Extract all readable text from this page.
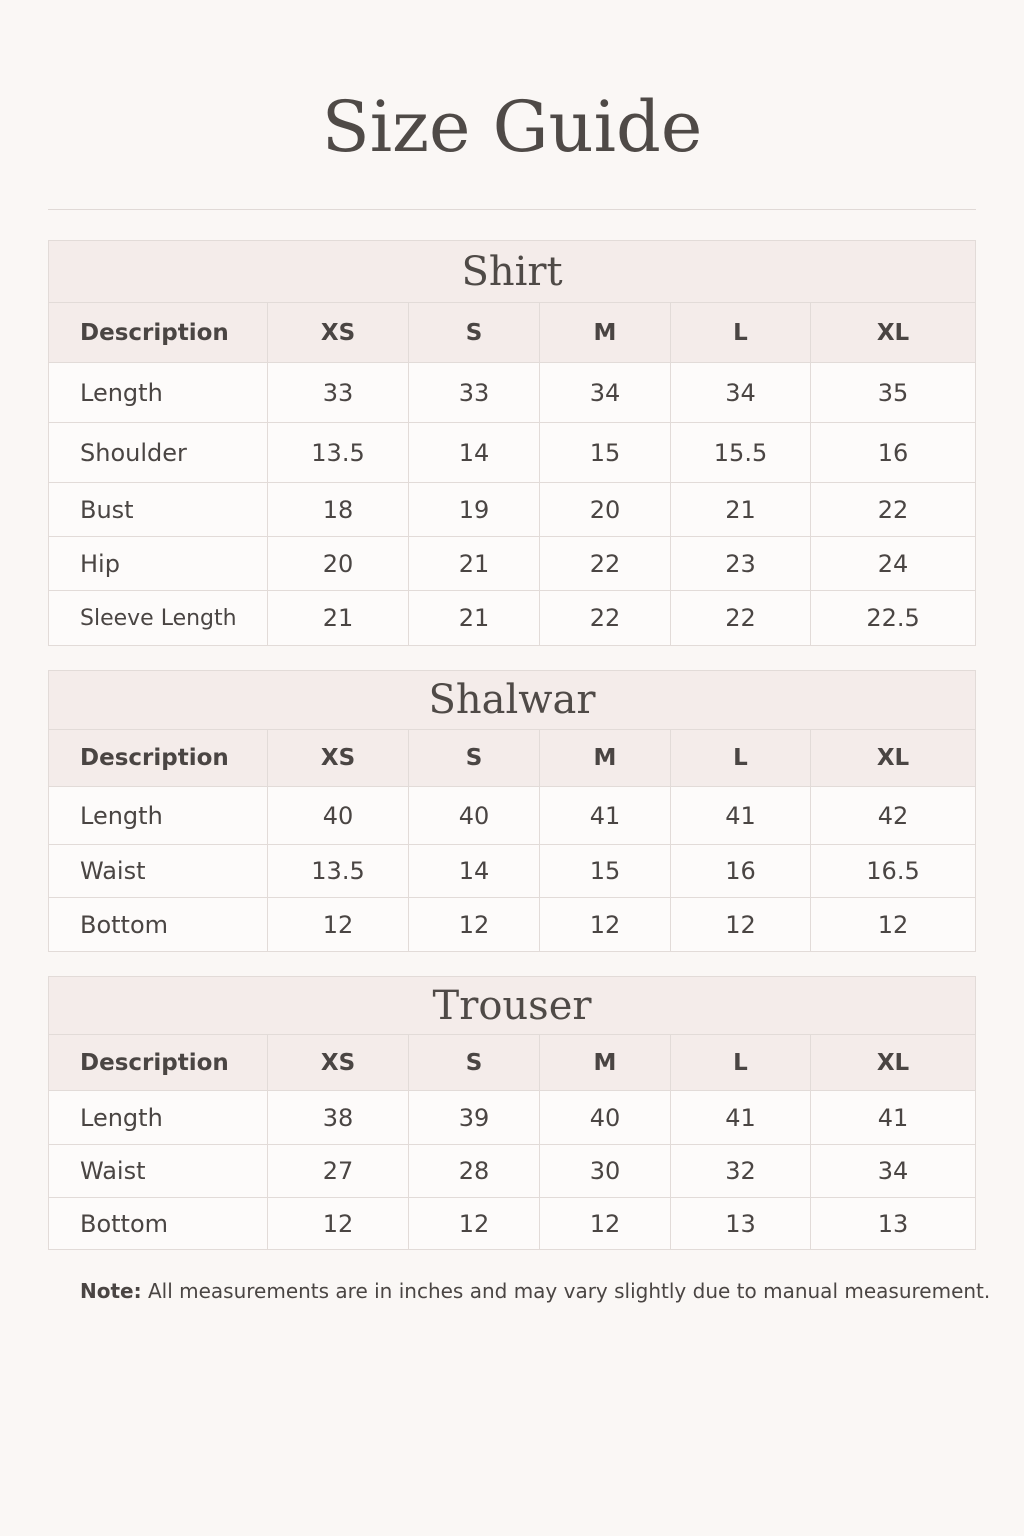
Size Guide
Shirt					
Description	XS	S	M	L	XL
Length	33	33	34	34	35
Shoulder	13.5	14	15	15.5	16
Bust	18	19	20	21	22
Hip	20	21	22	23	24
Sleeve Length	21	21	22	22	22.5
Shalwar					
Description	XS	S	M	L	XL
Length	40	40	41	41	42
Waist	13.5	14	15	16	16.5
Bottom	12	12	12	12	12
Trouser					
Description	XS	S	M	L	XL
Length	38	39	40	41	41
Waist	27	28	30	32	34
Bottom	12	12	12	13	13
Note: All measurements are in inches and may vary slightly due to manual measurement.
